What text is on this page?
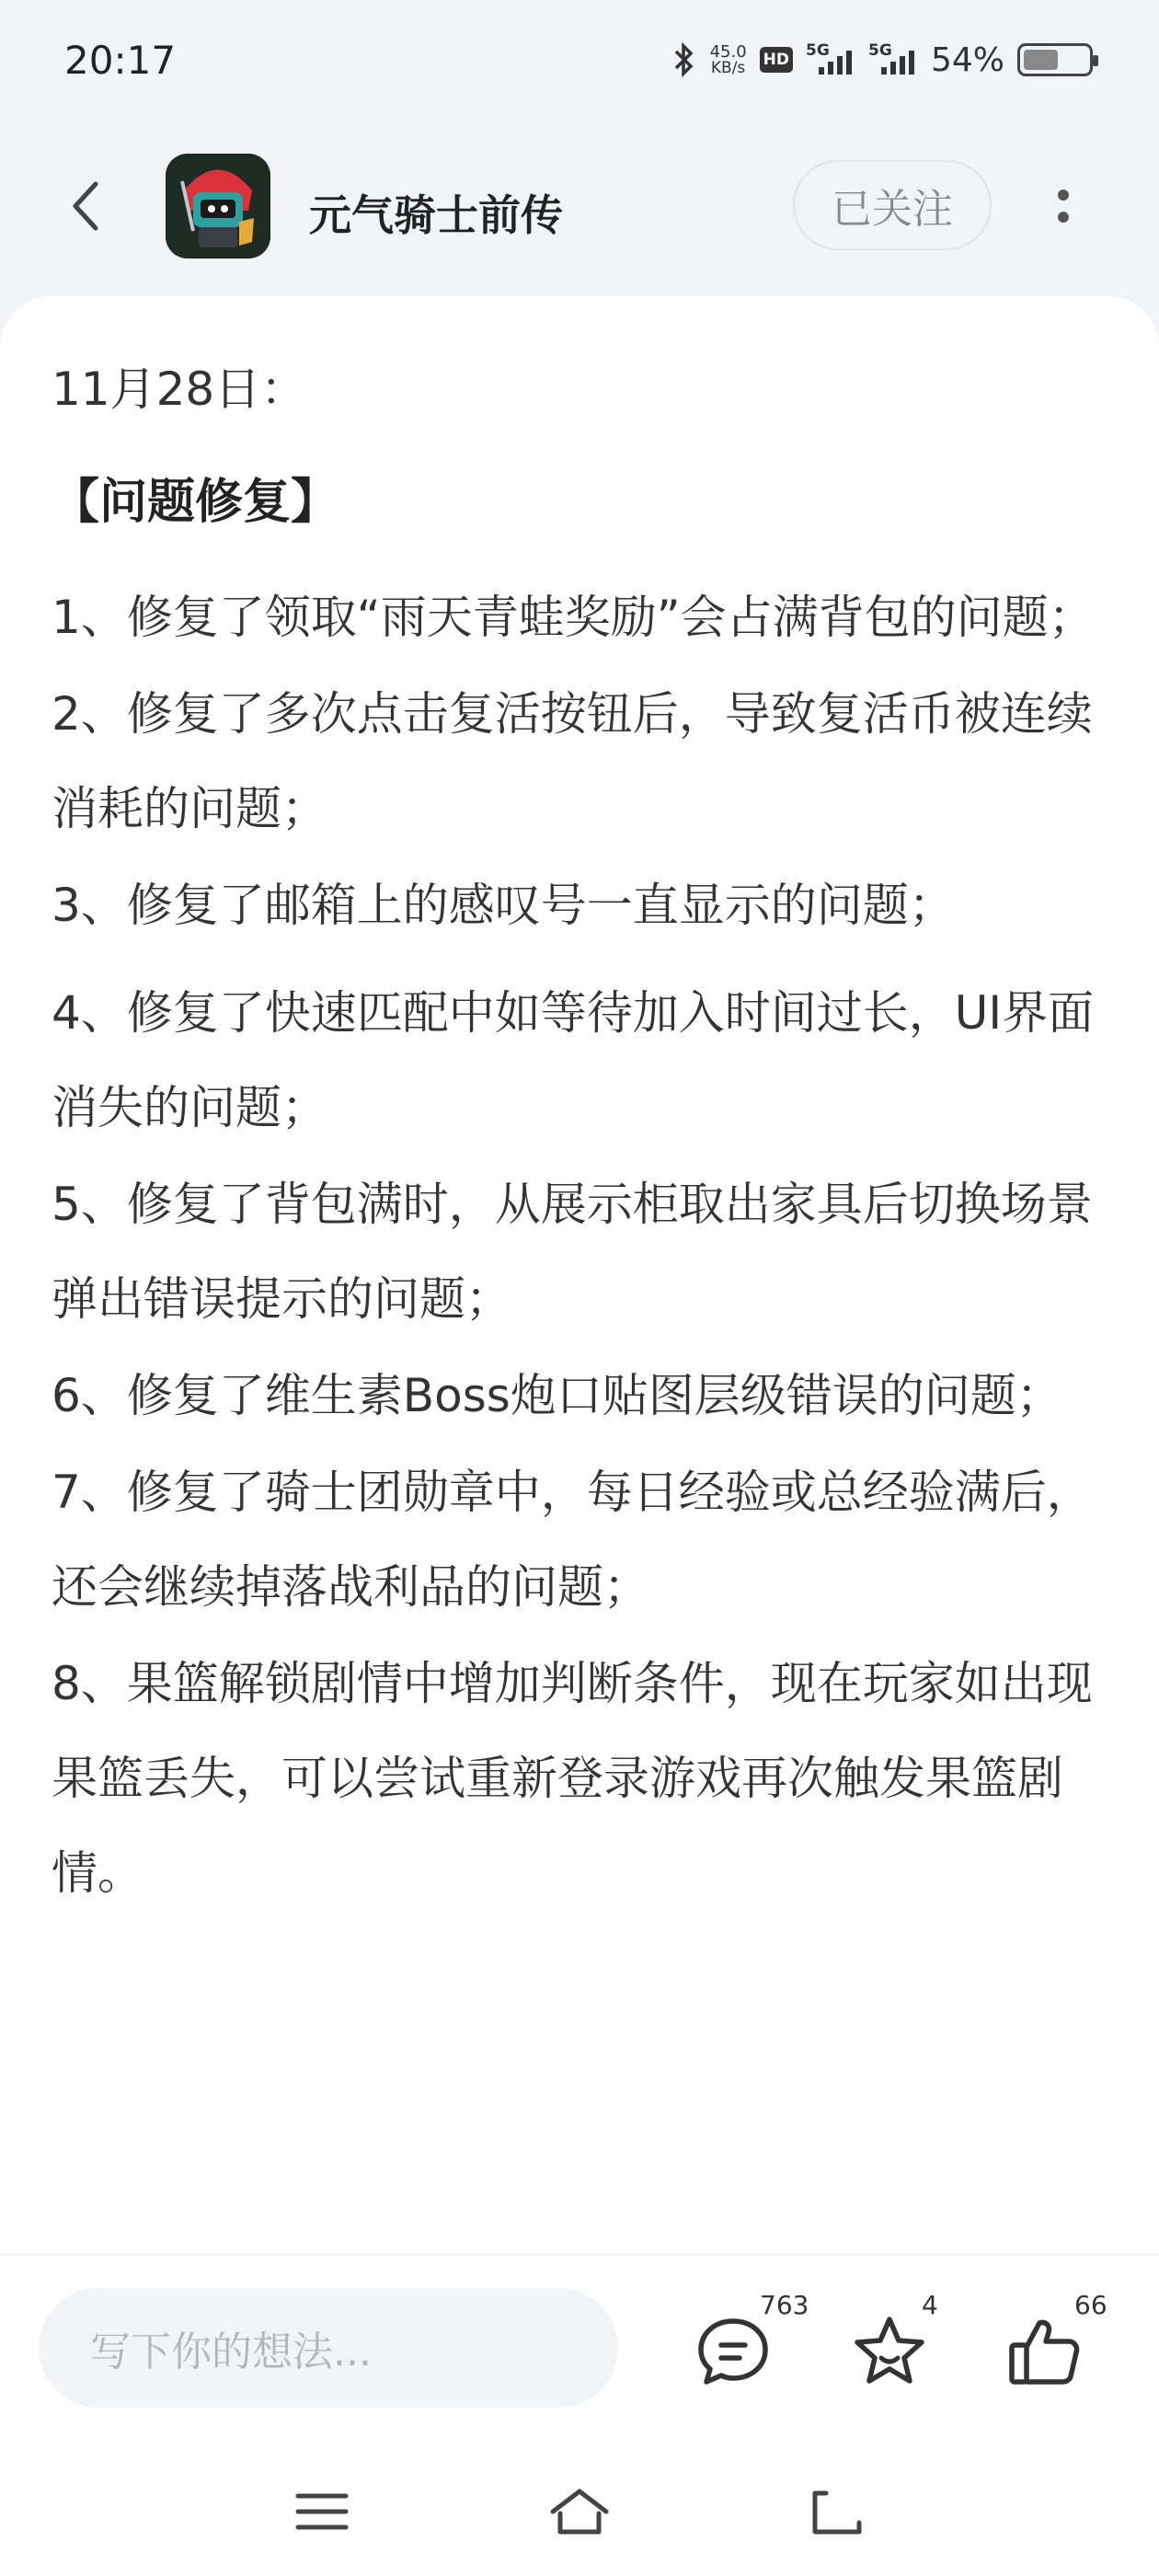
20:17	45.0
KB/s HD 5G 5G 54%
元气骑士前传	已关注
11月28日：
【问题修复】

1、修复了领取“雨天青蛙奖励”会占满背包的问题；

2、修复了多次点击复活按钮后，导致复活币被连续消耗的问题；

3、修复了邮箱上的感叹号一直显示的问题；

4、修复了快速匹配中如等待加入时间过长，UI界面消失的问题；

5、修复了背包满时，从展示柜取出家具后切换场景弹出错误提示的问题；

6、修复了维生素Boss炮口贴图层级错误的问题；

7、修复了骑士团勋章中，每日经验或总经验满后，还会继续掉落战利品的问题；

8、果篮解锁剧情中增加判断条件，现在玩家如出现果篮丢失，可以尝试重新登录游戏再次触发果篮剧情。

写下你的想法...
763	4	66
